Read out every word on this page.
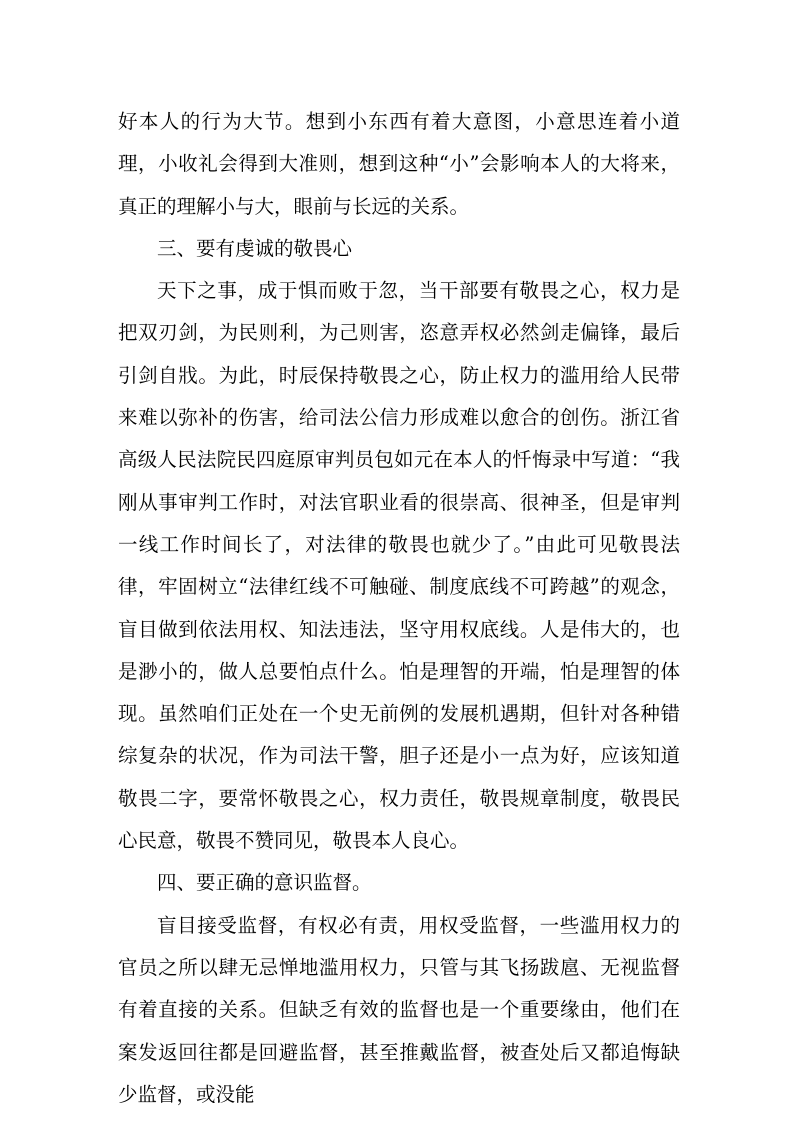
好本人的行为大节。想到小东西有着大意图，小意思连着小道理，小收礼会得到大准则，想到这种“小”会影响本人的大将来，真正的理解小与大，眼前与长远的关系。

三、要有虔诚的敬畏心

天下之事，成于惧而败于忽，当干部要有敬畏之心，权力是把双刃剑，为民则利，为己则害，恣意弄权必然剑走偏锋，最后引剑自戕。为此，时辰保持敬畏之心，防止权力的滥用给人民带来难以弥补的伤害，给司法公信力形成难以愈合的创伤。浙江省高级人民法院民四庭原审判员包如元在本人的忏悔录中写道：“我刚从事审判工作时，对法官职业看的很崇高、很神圣，但是审判一线工作时间长了，对法律的敬畏也就少了。”由此可见敬畏法律，牢固树立“法律红线不可触碰、制度底线不可跨越”的观念，盲目做到依法用权、知法违法，坚守用权底线。人是伟大的，也是渺小的，做人总要怕点什么。怕是理智的开端，怕是理智的体现。虽然咱们正处在一个史无前例的发展机遇期，但针对各种错综复杂的状况，作为司法干警，胆子还是小一点为好，应该知道敬畏二字，要常怀敬畏之心，权力责任，敬畏规章制度，敬畏民心民意，敬畏不赞同见，敬畏本人良心。

四、要正确的意识监督。

盲目接受监督，有权必有责，用权受监督，一些滥用权力的官员之所以肆无忌惮地滥用权力，只管与其飞扬跋扈、无视监督有着直接的关系。但缺乏有效的监督也是一个重要缘由，他们在案发返回往都是回避监督，甚至推戴监督，被查处后又都追悔缺少监督，或没能
